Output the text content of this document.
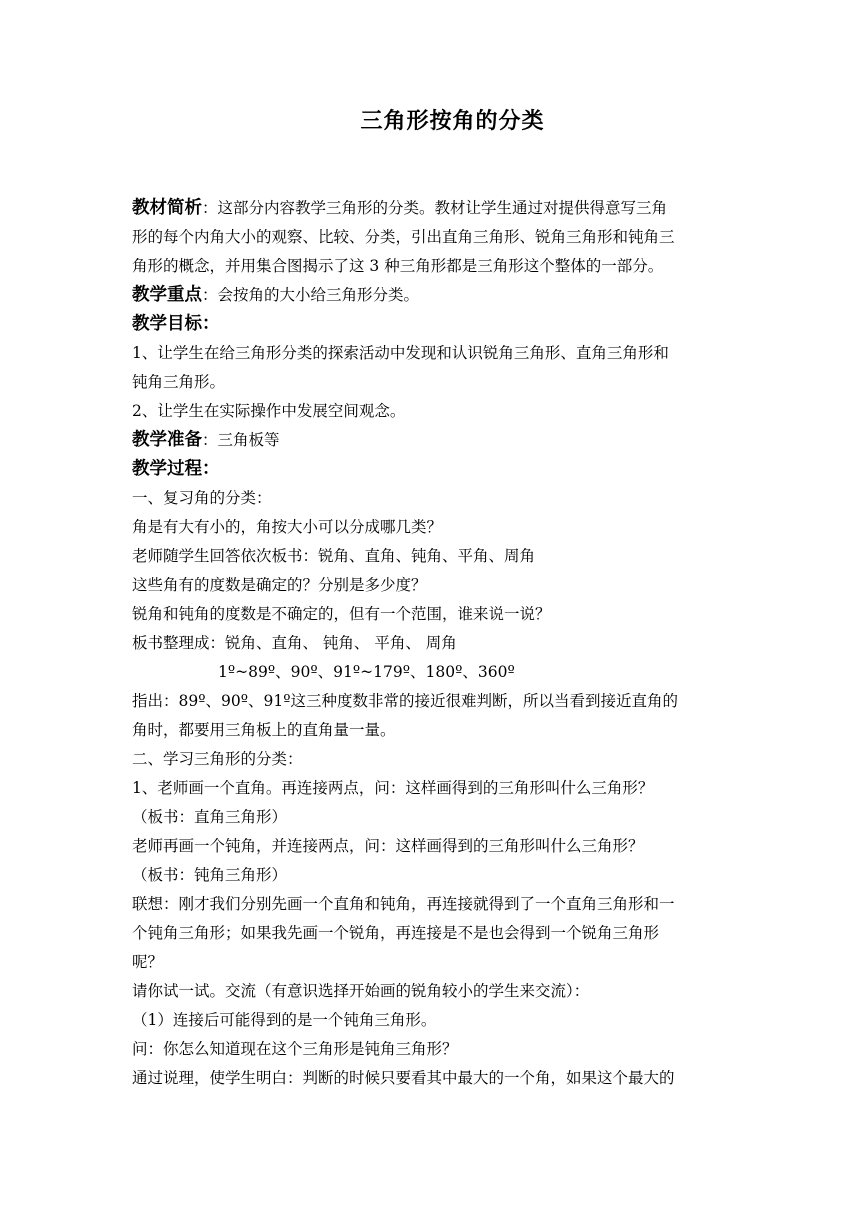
三角形按角的分类
教材简析：这部分内容教学三角形的分类。教材让学生通过对提供得意写三角
形的每个内角大小的观察、比较、分类，引出直角三角形、锐角三角形和钝角三
角形的概念，并用集合图揭示了这 3 种三角形都是三角形这个整体的一部分。
教学重点：会按角的大小给三角形分类。
教学目标：
1、让学生在给三角形分类的探索活动中发现和认识锐角三角形、直角三角形和
钝角三角形。
2、让学生在实际操作中发展空间观念。
教学准备：三角板等
教学过程：
一、复习角的分类：
角是有大有小的，角按大小可以分成哪几类？
老师随学生回答依次板书：锐角、直角、钝角、平角、周角
这些角有的度数是确定的？分别是多少度？
锐角和钝角的度数是不确定的，但有一个范围，谁来说一说？
板书整理成：锐角、直角、 钝角、 平角、 周角
1º~89º、90º、91º~179º、180º、360º
指出：89º、90º、91º这三种度数非常的接近很难判断，所以当看到接近直角的
角时，都要用三角板上的直角量一量。
二、学习三角形的分类：
1、老师画一个直角。再连接两点，问：这样画得到的三角形叫什么三角形？
（板书：直角三角形）
老师再画一个钝角，并连接两点，问：这样画得到的三角形叫什么三角形？
（板书：钝角三角形）
联想：刚才我们分别先画一个直角和钝角，再连接就得到了一个直角三角形和一
个钝角三角形；如果我先画一个锐角，再连接是不是也会得到一个锐角三角形
呢？
请你试一试。交流（有意识选择开始画的锐角较小的学生来交流）：
（1）连接后可能得到的是一个钝角三角形。
问：你怎么知道现在这个三角形是钝角三角形？
通过说理，使学生明白：判断的时候只要看其中最大的一个角，如果这个最大的
